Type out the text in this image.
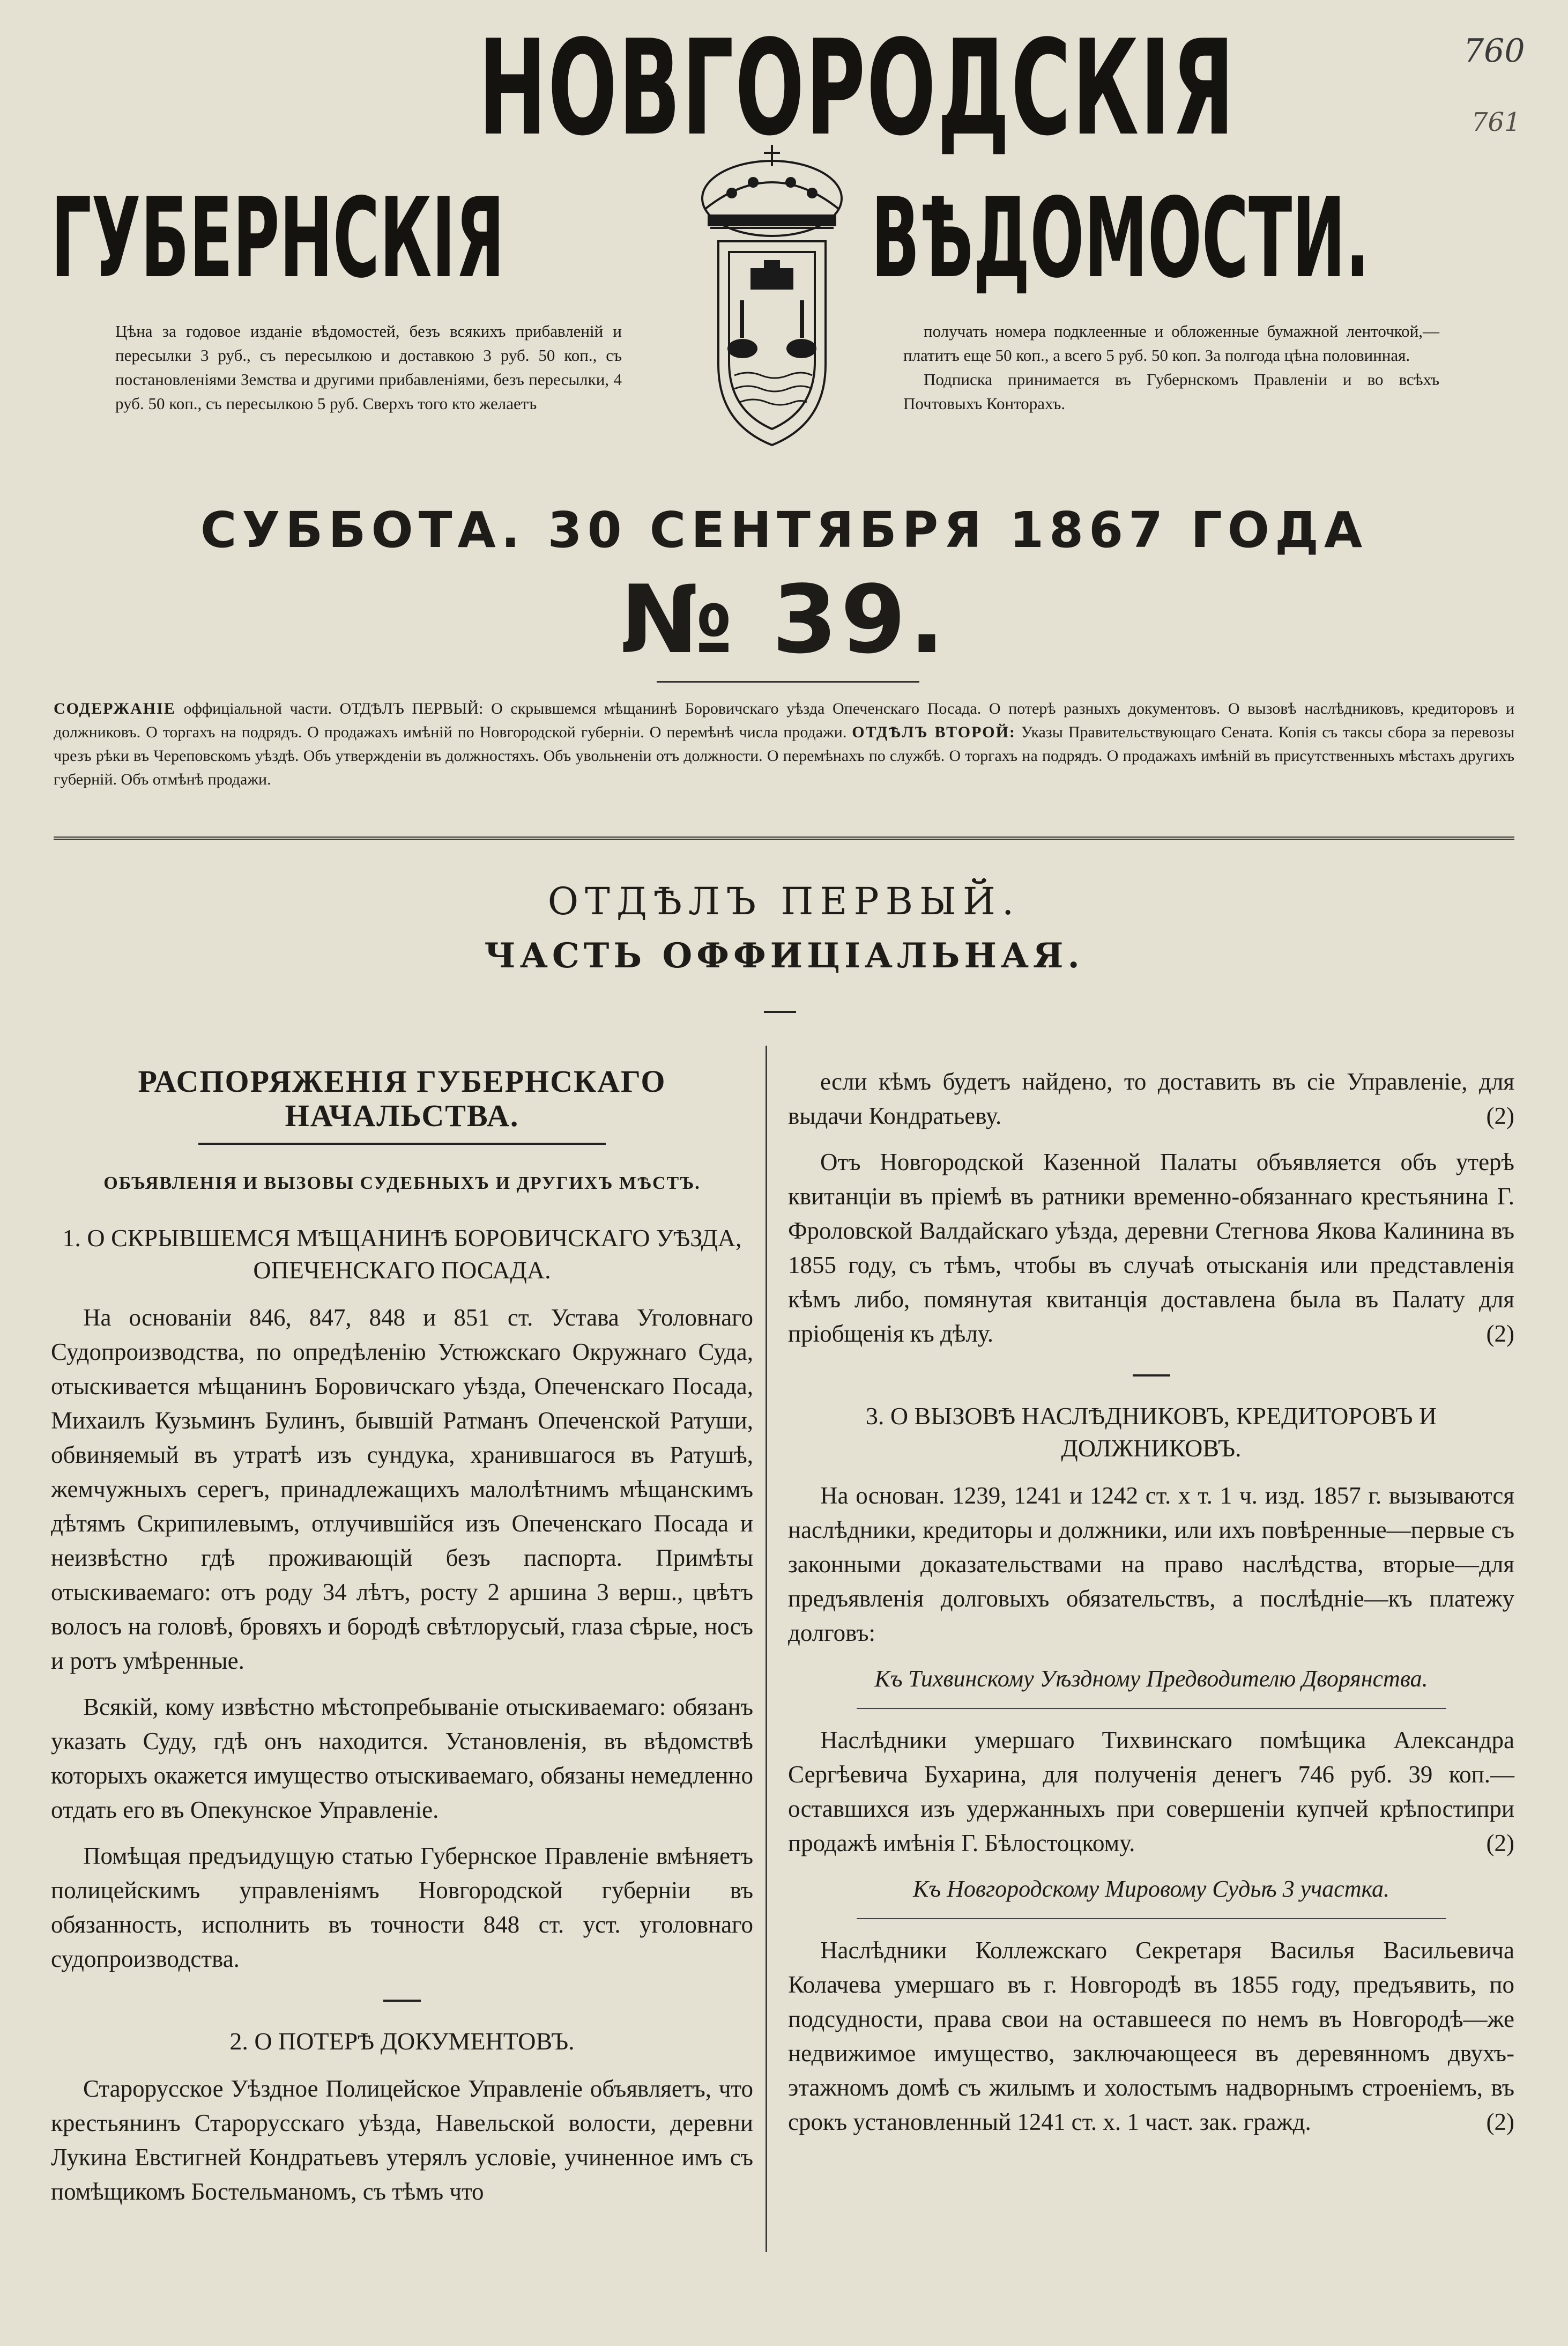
760
761
НОВГОРОДСКІЯ
ГУБЕРНСКІЯ	ВѢДОМОСТИ.
Цѣна за годовое изданіе вѣдомостей, безъ всякихъ прибавленій и пересылки 3 руб., съ пересылкою и доставкою 3 руб. 50 коп., съ постановленіями Земства и другими прибавленіями, безъ пересылки, 4 руб. 50 коп., съ пересылкою 5 руб. Сверхъ того кто желаетъ

получать номера подклеенные и обложенные бумажной ленточкой,—платитъ еще 50 коп., а всего 5 руб. 50 коп. За полгода цѣна половинная.

Подписка принимается въ Губернскомъ Правленіи и во всѣхъ Почтовыхъ Конторахъ.

СУББОТА. 30 СЕНТЯБРЯ 1867 ГОДА
№ 39.
СОДЕРЖАНІЕ оффиціальной части. ОТДѢЛЪ ПЕРВЫЙ: О скрывшемся мѣщанинѣ Боровичскаго уѣзда Опеченскаго Посада. О потерѣ разныхъ документовъ. О вызовѣ наслѣдниковъ, кредиторовъ и должниковъ. О торгахъ на подрядъ. О продажахъ имѣній по Новгородской губерніи. О перемѣнѣ числа продажи. ОТДѢЛЪ ВТОРОЙ: Указы Правительствующаго Сената. Копія съ таксы сбора за перевозы чрезъ рѣки въ Череповскомъ уѣздѣ. Объ утвержденіи въ должностяхъ. Объ увольненіи отъ должности. О перемѣнахъ по службѣ. О торгахъ на подрядъ. О продажахъ имѣній въ присутственныхъ мѣстахъ другихъ губерній. Объ отмѣнѣ продажи.
ОТДѢЛЪ ПЕРВЫЙ.
ЧАСТЬ ОФФИЦІАЛЬНАЯ.
РАСПОРЯЖЕНІЯ ГУБЕРНСКАГО НАЧАЛЬСТВА.
ОБЪЯВЛЕНІЯ И ВЫЗОВЫ СУДЕБНЫХЪ И ДРУГИХЪ МѢСТЪ.
1. О СКРЫВШЕМСЯ МѢЩАНИНѢ БОРОВИЧСКАГО УѢЗДА, ОПЕЧЕНСКАГО ПОСАДА.

На основаніи 846, 847, 848 и 851 ст. Устава Уголовнаго Судопроизводства, по опредѣленію Устюжскаго Окружнаго Суда, отыскивается мѣщанинъ Боровичскаго уѣзда, Опеченскаго Посада, Михаилъ Кузьминъ Булинъ, бывшій Ратманъ Опеченской Ратуши, обвиняемый въ утратѣ изъ сундука, хранившагося въ Ратушѣ, жемчужныхъ серегъ, принадлежащихъ малолѣтнимъ мѣщанскимъ дѣтямъ Скрипилевымъ, отлучившійся изъ Опеченскаго Посада и неизвѣстно гдѣ проживающій безъ паспорта. Примѣты отыскиваемаго: отъ роду 34 лѣтъ, росту 2 аршина 3 верш., цвѣтъ волосъ на головѣ, бровяхъ и бородѣ свѣтлорусый, глаза сѣрые, носъ и ротъ умѣренные.

Всякій, кому извѣстно мѣстопребываніе отыскиваемаго: обязанъ указать Суду, гдѣ онъ находится. Установленія, въ вѣдомствѣ которыхъ окажется имущество отыскиваемаго, обязаны немедленно отдать его въ Опекунское Управленіе.

Помѣщая предъидущую статью Губернское Правленіе вмѣняетъ полицейскимъ управленіямъ Новгородской губерніи въ обязанность, исполнить въ точности 848 ст. уст. уголовнаго судопроизводства.

2. О ПОТЕРѢ ДОКУМЕНТОВЪ.

Старорусское Уѣздное Полицейское Управленіе объявляетъ, что крестьянинъ Старорусскаго уѣзда, Навельской волости, деревни Лукина Евстигней Кондратьевъ утерялъ условіе, учиненное имъ съ помѣщикомъ Бостельманомъ, съ тѣмъ что

если кѣмъ будетъ найдено, то доставить въ сіе Управленіе, для выдачи Кондратьеву.	(2)

Отъ Новгородской Казенной Палаты объявляется объ утерѣ квитанціи въ пріемѣ въ ратники временно-обязаннаго крестьянина Г. Фроловской Валдайскаго уѣзда, деревни Стегнова Якова Калинина въ 1855 году, съ тѣмъ, чтобы въ случаѣ отысканія или представленія кѣмъ либо, помянутая квитанція доставлена была въ Палату для пріобщенія къ дѣлу.	(2)

3. О ВЫЗОВѢ НАСЛѢДНИКОВЪ, КРЕДИТОРОВЪ И ДОЛЖНИКОВЪ.

На основан. 1239, 1241 и 1242 ст. х т. 1 ч. изд. 1857 г. вызываются наслѣдники, кредиторы и должники, или ихъ повѣренные—первые съ законными доказательствами на право наслѣдства, вторые—для предъявленія долговыхъ обязательствъ, а послѣдніе—къ платежу долговъ:

Къ Тихвинскому Уѣздному Предводителю Дворянства.

Наслѣдники умершаго Тихвинскаго помѣщика Александра Сергѣевича Бухарина, для полученія денегъ 746 руб. 39 коп.—оставшихся изъ удержанныхъ при совершеніи купчей крѣпостипри продажѣ имѣнія Г. Бѣлостоцкому.	(2)

Къ Новгородскому Мировому Судьѣ 3 участка.

Наслѣдники Коллежскаго Секретаря Василья Васильевича Колачева умершаго въ г. Новгородѣ въ 1855 году, предъявить, по подсудности, права свои на оставшееся по немъ въ Новгородѣ—же недвижимое имущество, заключающееся въ деревянномъ двухъ-этажномъ домѣ съ жилымъ и холостымъ надворнымъ строеніемъ, въ срокъ установленный 1241 ст. х. 1 част. зак. гражд.	(2)
